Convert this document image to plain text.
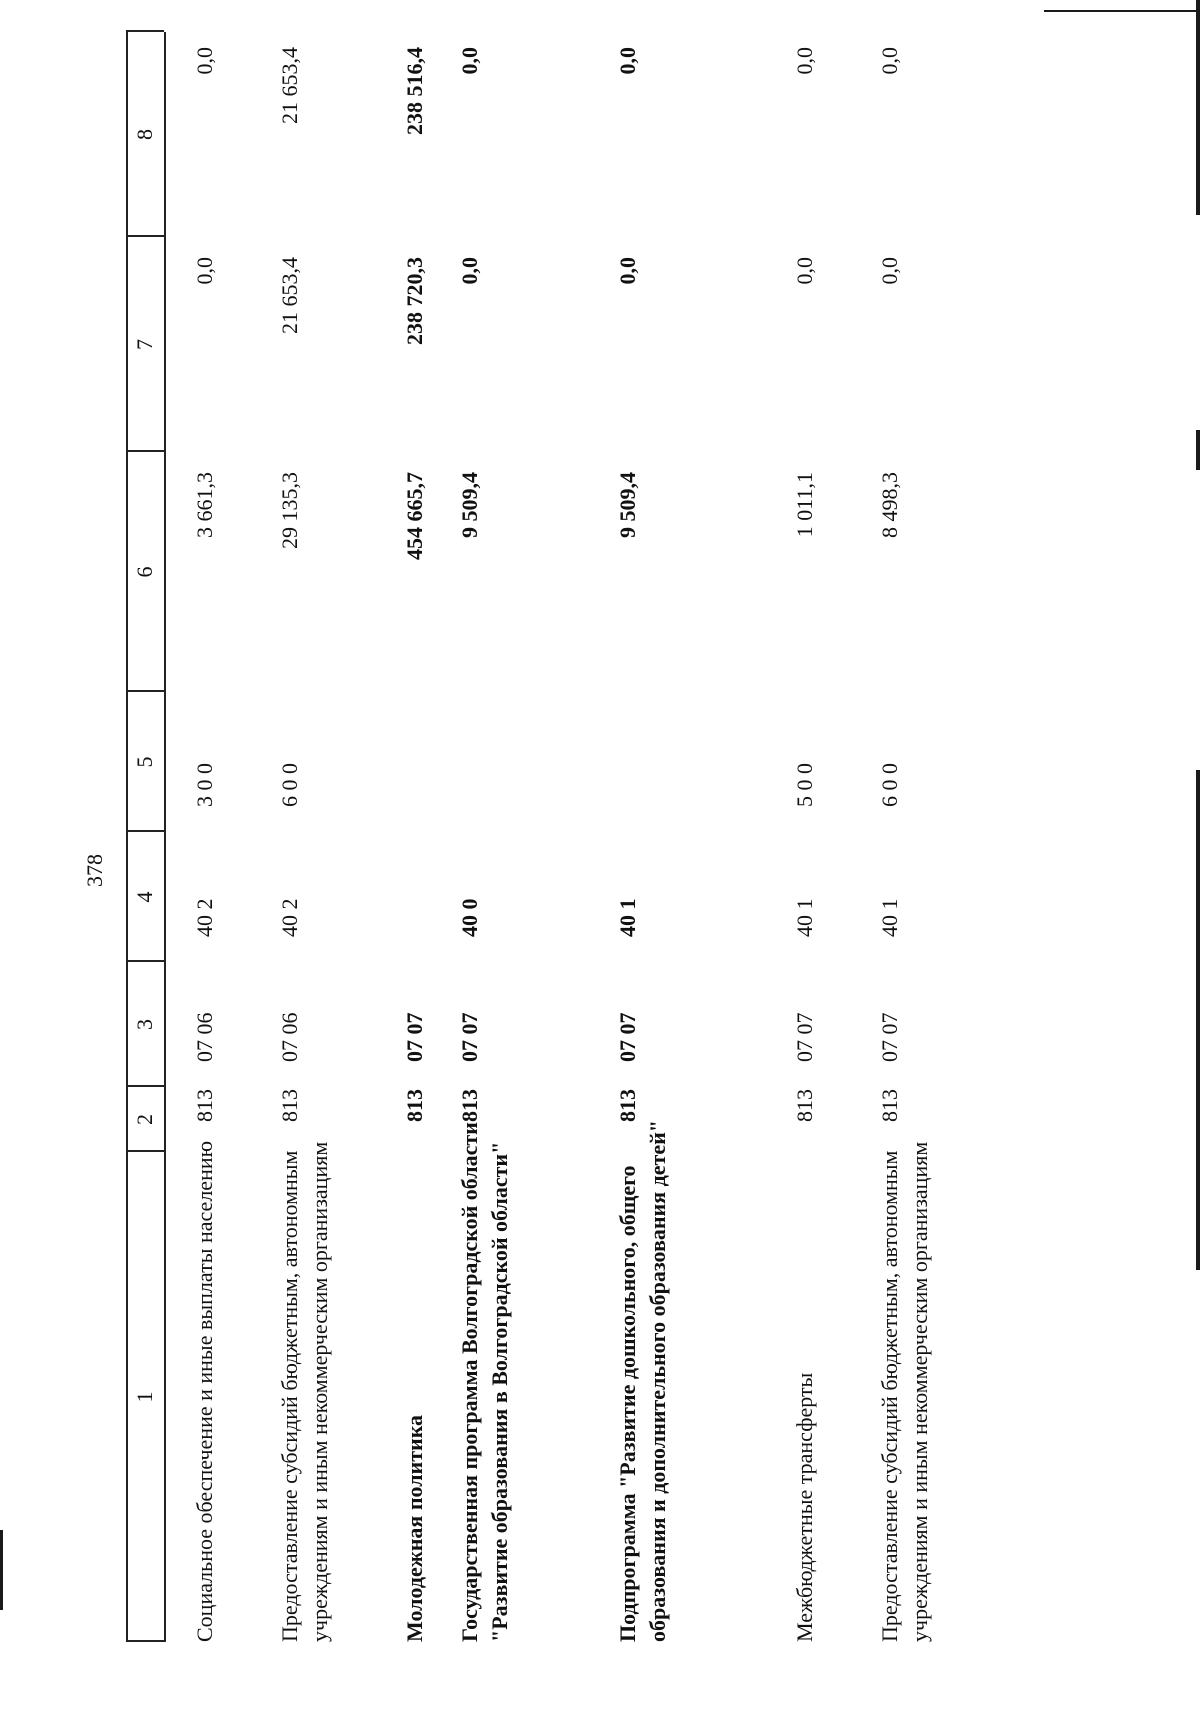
378
1
2
3
4
5
6
7
8
Социальное обеспечение и иные выплаты населению
813
07 06
40 2
3 0 0
3 661,3
0,0
0,0
Предоставление субсидий бюджетным, автономным учреждениям и иным некоммерческим организациям
813
07 06
40 2
6 0 0
29 135,3
21 653,4
21 653,4
Молодежная политика
813
07 07
454 665,7
238 720,3
238 516,4
Государственная программа Волгоградской области "Развитие образования в Волгоградской области"
813
07 07
40 0
9 509,4
0,0
0,0
Подпрограмма "Развитие дошкольного, общего образования и дополнительного образования детей"
813
07 07
40 1
9 509,4
0,0
0,0
Межбюджетные трансферты
813
07 07
40 1
5 0 0
1 011,1
0,0
0,0
Предоставление субсидий бюджетным, автономным учреждениям и иным некоммерческим организациям
813
07 07
40 1
6 0 0
8 498,3
0,0
0,0
